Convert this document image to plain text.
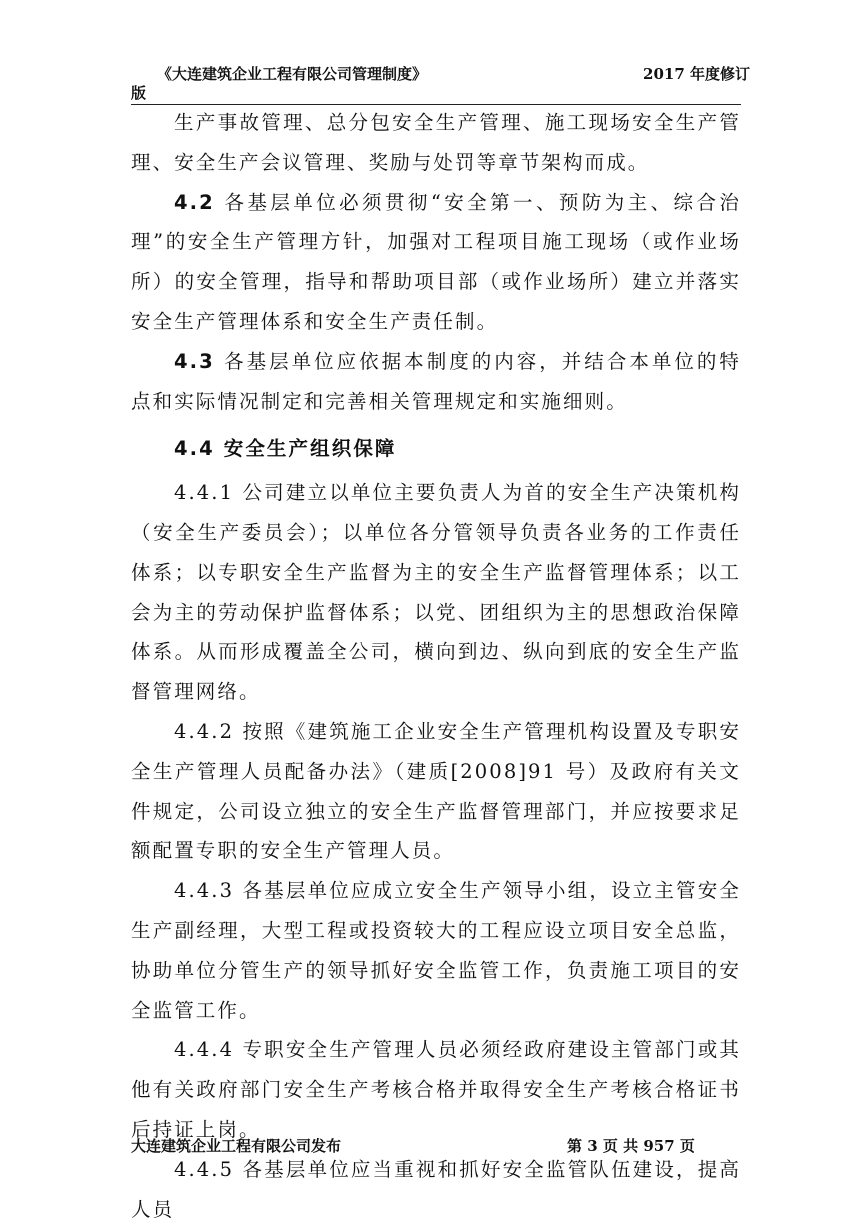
《大连建筑企业工程有限公司管理制度》	2017 年度修订
版

生产事故管理、总分包安全生产管理、施工现场安全生产管理、安全生产会议管理、奖励与处罚等章节架构而成。

4.2 各基层单位必须贯彻“安全第一、预防为主、综合治理”的安全生产管理方针，加强对工程项目施工现场（或作业场所）的安全管理，指导和帮助项目部（或作业场所）建立并落实安全生产管理体系和安全生产责任制。

4.3 各基层单位应依据本制度的内容，并结合本单位的特点和实际情况制定和完善相关管理规定和实施细则。

4.4 安全生产组织保障

4.4.1 公司建立以单位主要负责人为首的安全生产决策机构（安全生产委员会）；以单位各分管领导负责各业务的工作责任体系；以专职安全生产监督为主的安全生产监督管理体系；以工会为主的劳动保护监督体系；以党、团组织为主的思想政治保障体系。从而形成覆盖全公司，横向到边、纵向到底的安全生产监督管理网络。

4.4.2 按照《建筑施工企业安全生产管理机构设置及专职安全生产管理人员配备办法》（建质[2008]91 号）及政府有关文件规定，公司设立独立的安全生产监督管理部门，并应按要求足额配置专职的安全生产管理人员。

4.4.3 各基层单位应成立安全生产领导小组，设立主管安全生产副经理，大型工程或投资较大的工程应设立项目安全总监，协助单位分管生产的领导抓好安全监管工作，负责施工项目的安全监管工作。

4.4.4 专职安全生产管理人员必须经政府建设主管部门或其他有关政府部门安全生产考核合格并取得安全生产考核合格证书后持证上岗。

4.4.5 各基层单位应当重视和抓好安全监管队伍建设，提高人员

大连建筑企业工程有限公司发布	第 3 页 共 957 页
